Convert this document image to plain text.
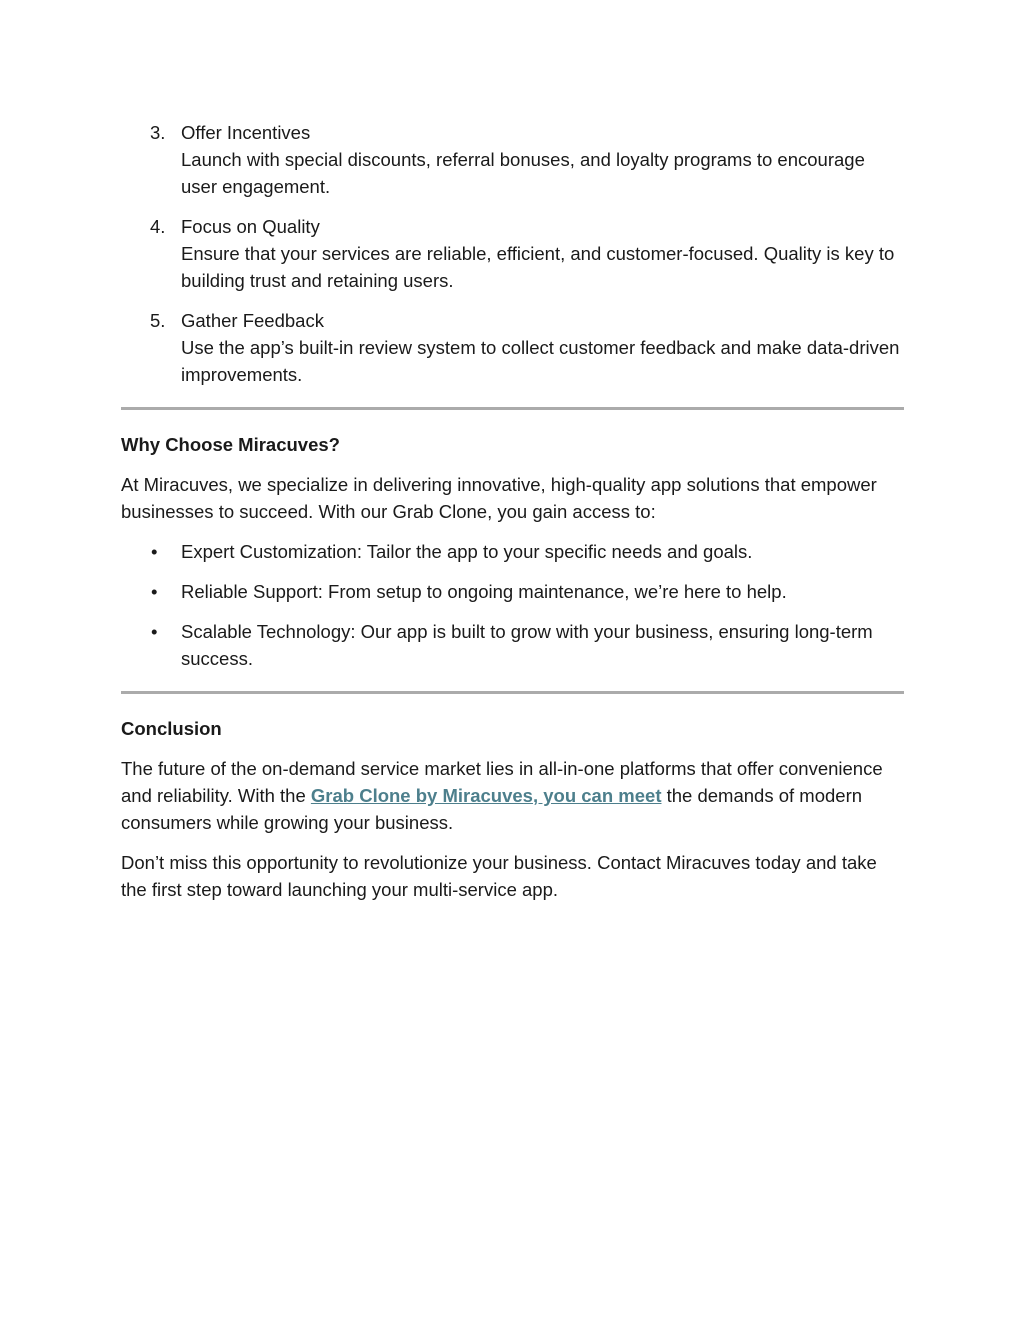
3. Offer Incentives
Launch with special discounts, referral bonuses, and loyalty programs to encourage user engagement.
4. Focus on Quality
Ensure that your services are reliable, efficient, and customer-focused. Quality is key to building trust and retaining users.
5. Gather Feedback
Use the app’s built-in review system to collect customer feedback and make data-driven improvements.
Why Choose Miracuves?

At Miracuves, we specialize in delivering innovative, high-quality app solutions that empower businesses to succeed. With our Grab Clone, you gain access to:

• Expert Customization: Tailor the app to your specific needs and goals.
• Reliable Support: From setup to ongoing maintenance, we’re here to help.
• Scalable Technology: Our app is built to grow with your business, ensuring long-term success.
Conclusion

The future of the on-demand service market lies in all-in-one platforms that offer convenience and reliability. With the Grab Clone by Miracuves, you can meet the demands of modern consumers while growing your business.

Don’t miss this opportunity to revolutionize your business. Contact Miracuves today and take the first step toward launching your multi-service app.
